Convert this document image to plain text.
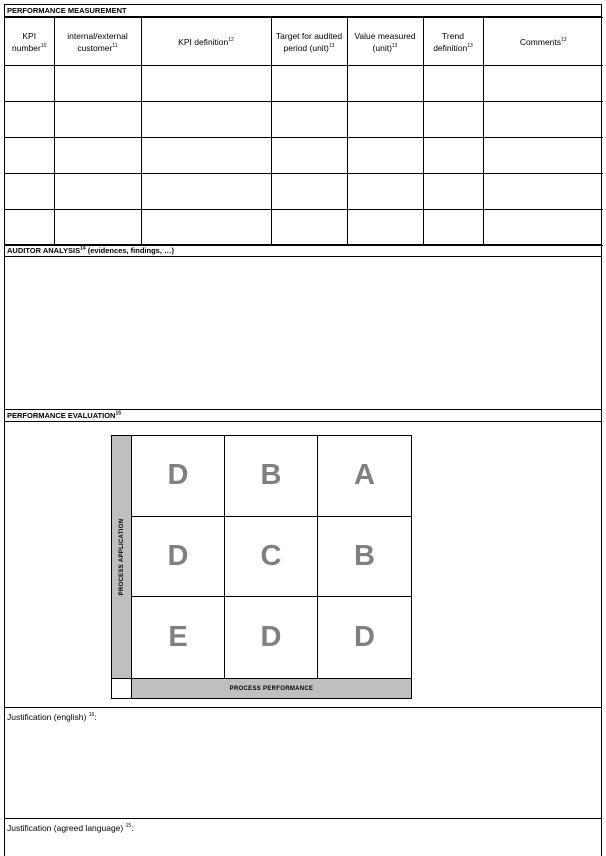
PERFORMANCE MEASUREMENT
KPI number$^{10}$	internal/external customer$^{11}$	KPI definition$^{12}$	Target for audited period (unit)$^{13}$	Value measured (unit)$^{13}$	Trend definition$^{13}$	Comments$^{13}$

AUDITOR ANALYSIS$^{14}$ (evidences, findings, …)
PERFORMANCE EVALUATION$^{15}$
PROCESS APPLICATION
D	B	A
D	C	B
E	D	D
PROCESS PERFORMANCE
Justification (english) $^{16}$:
Justification (agreed language) $^{15}$:
